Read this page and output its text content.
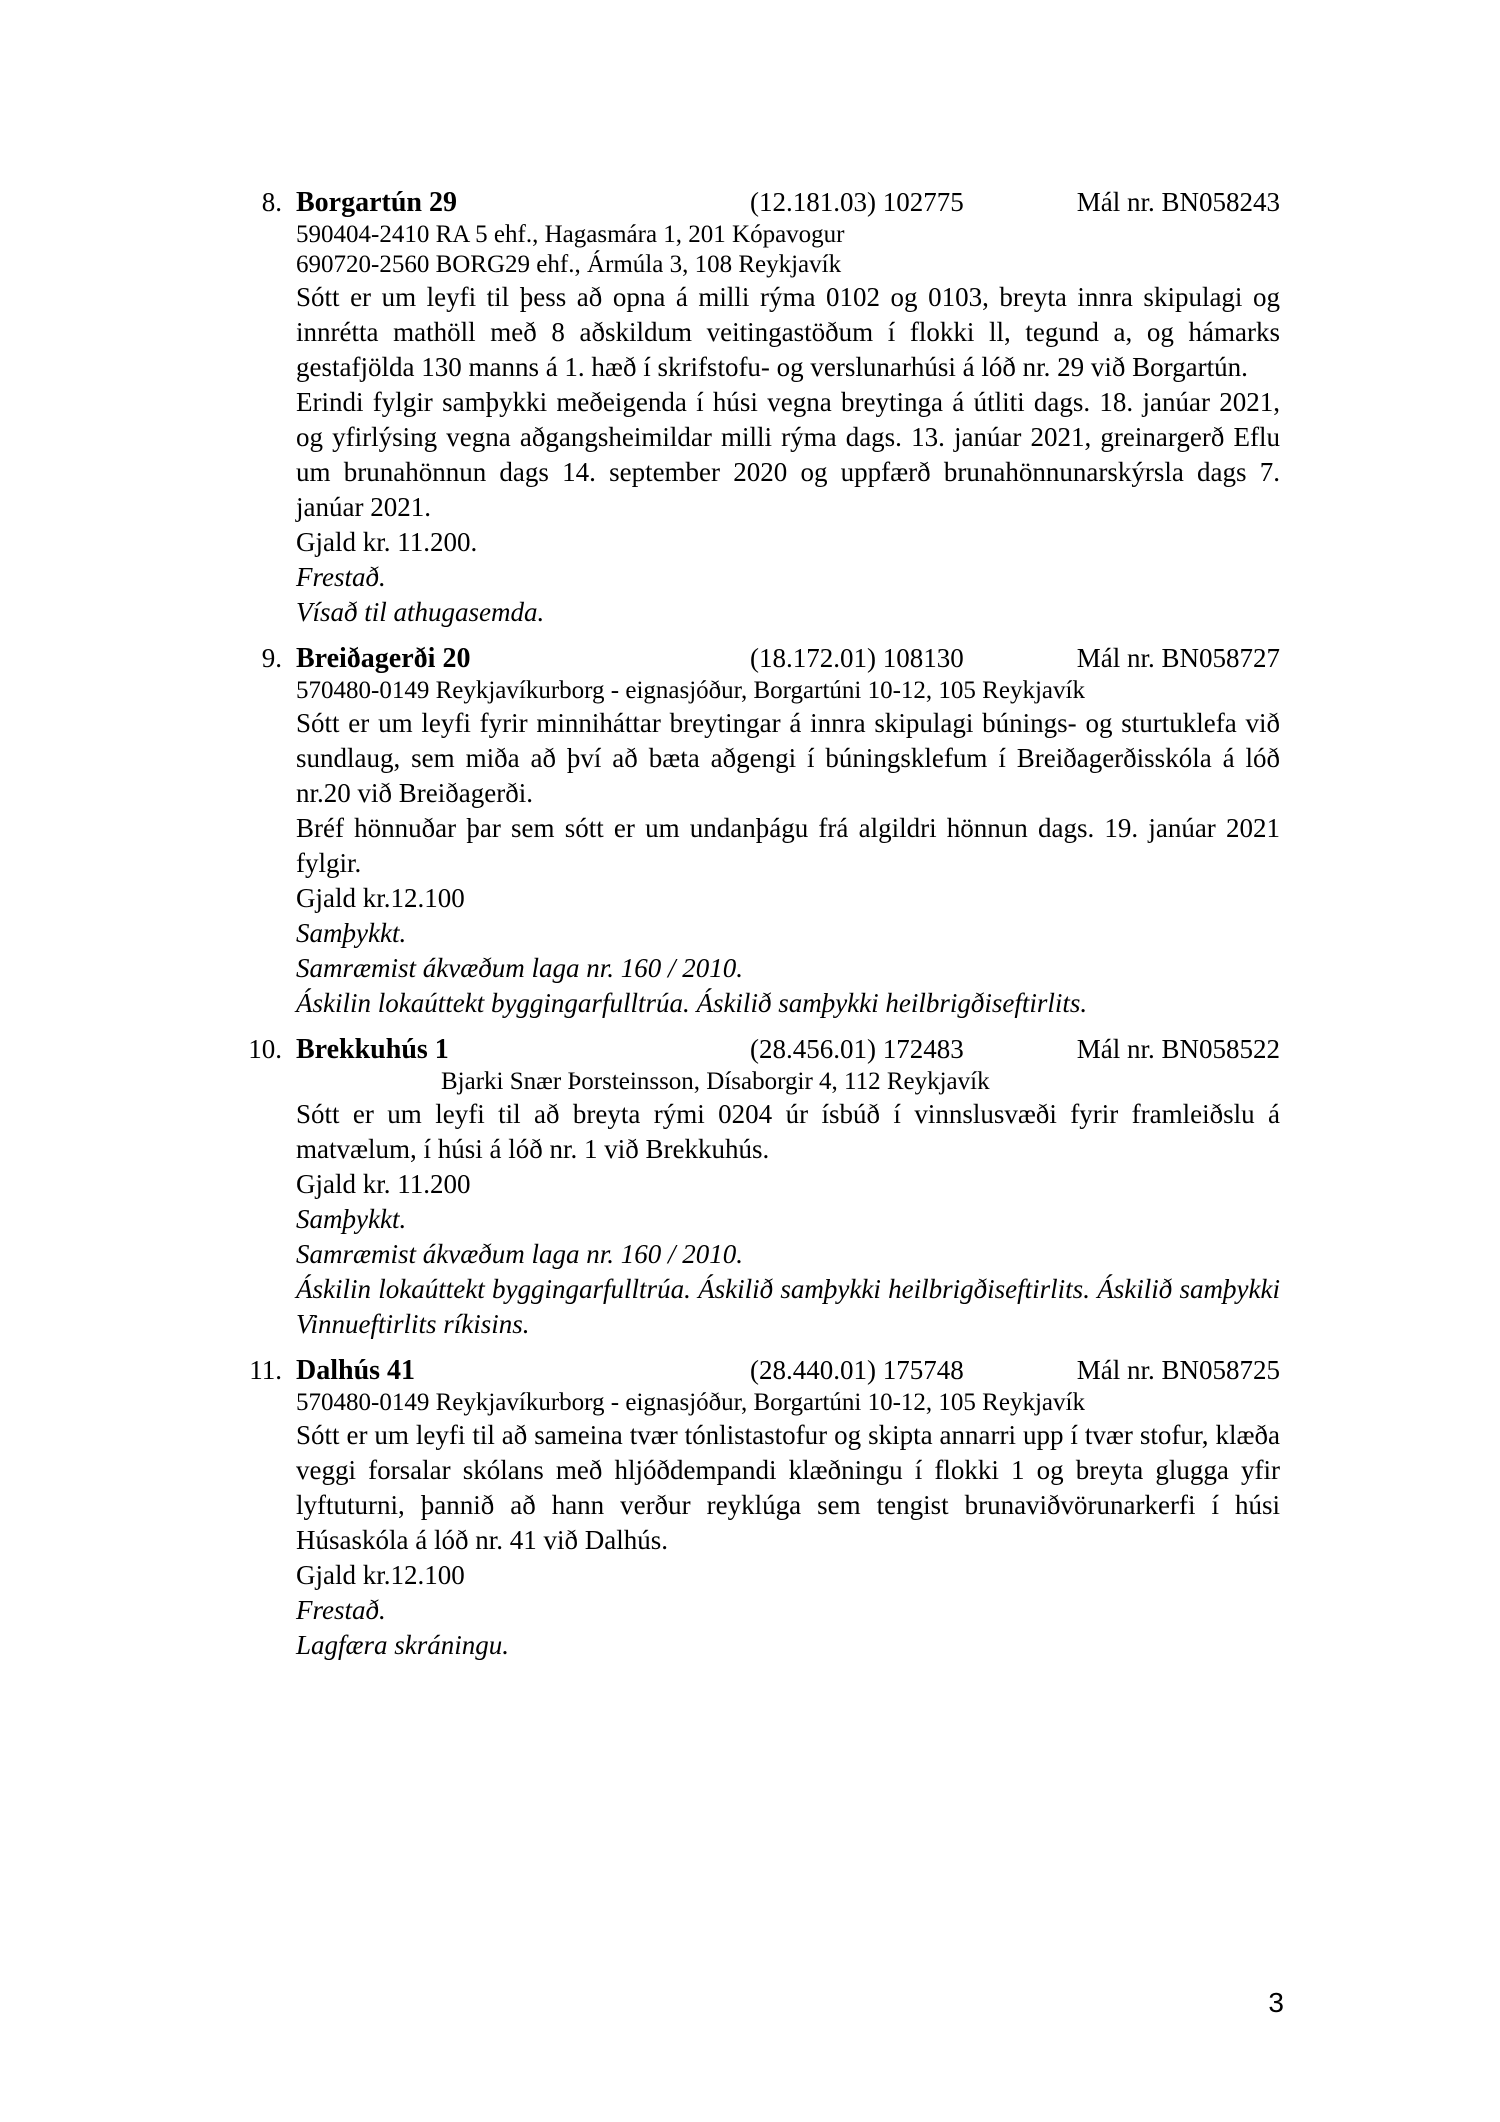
8. Borgartún 29	(12.181.03) 102775	Mál nr. BN058243
590404-2410 RA 5 ehf., Hagasmára 1, 201 Kópavogur
690720-2560 BORG29 ehf., Ármúla 3, 108 Reykjavík

Sótt er um leyfi til þess að opna á milli rýma 0102 og 0103, breyta innra skipulagi og innrétta mathöll með 8 aðskildum veitingastöðum í flokki ll, tegund a, og hámarks gestafjölda 130 manns á 1. hæð í skrifstofu- og verslunarhúsi á lóð nr. 29 við Borgartún.

Erindi fylgir samþykki meðeigenda í húsi vegna breytinga á útliti dags. 18. janúar 2021, og yfirlýsing vegna aðgangsheimildar milli rýma dags. 13. janúar 2021, greinargerð Eflu um brunahönnun dags 14. september 2020 og uppfærð brunahönnunarskýrsla dags 7. janúar 2021.

Gjald kr. 11.200.
Frestað.
Vísað til athugasemda.
9. Breiðagerði 20	(18.172.01) 108130	Mál nr. BN058727
570480-0149 Reykjavíkurborg - eignasjóður, Borgartúni 10-12, 105 Reykjavík

Sótt er um leyfi fyrir minniháttar breytingar á innra skipulagi búnings- og sturtuklefa við sundlaug, sem miða að því að bæta aðgengi í búningsklefum í Breiðagerðisskóla á lóð nr.20 við Breiðagerði.

Bréf hönnuðar þar sem sótt er um undanþágu frá algildri hönnun dags. 19. janúar 2021 fylgir.

Gjald kr.12.100
Samþykkt.
Samræmist ákvæðum laga nr. 160 / 2010.
Áskilin lokaúttekt byggingarfulltrúa. Áskilið samþykki heilbrigðiseftirlits.
10. Brekkuhús 1	(28.456.01) 172483	Mál nr. BN058522
Bjarki Snær Þorsteinsson, Dísaborgir 4, 112 Reykjavík

Sótt er um leyfi til að breyta rými 0204 úr ísbúð í vinnslusvæði fyrir framleiðslu á matvælum, í húsi á lóð nr. 1 við Brekkuhús.

Gjald kr. 11.200
Samþykkt.
Samræmist ákvæðum laga nr. 160 / 2010.
Áskilin lokaúttekt byggingarfulltrúa. Áskilið samþykki heilbrigðiseftirlits. Áskilið samþykki Vinnueftirlits ríkisins.
11. Dalhús 41	(28.440.01) 175748	Mál nr. BN058725
570480-0149 Reykjavíkurborg - eignasjóður, Borgartúni 10-12, 105 Reykjavík

Sótt er um leyfi til að sameina tvær tónlistastofur og skipta annarri upp í tvær stofur, klæða veggi forsalar skólans með hljóðdempandi klæðningu í flokki 1 og breyta glugga yfir lyftuturni, þannið að hann verður reyklúga sem tengist brunaviðvörunarkerfi í húsi Húsaskóla á lóð nr. 41 við Dalhús.

Gjald kr.12.100
Frestað.
Lagfæra skráningu.
3
